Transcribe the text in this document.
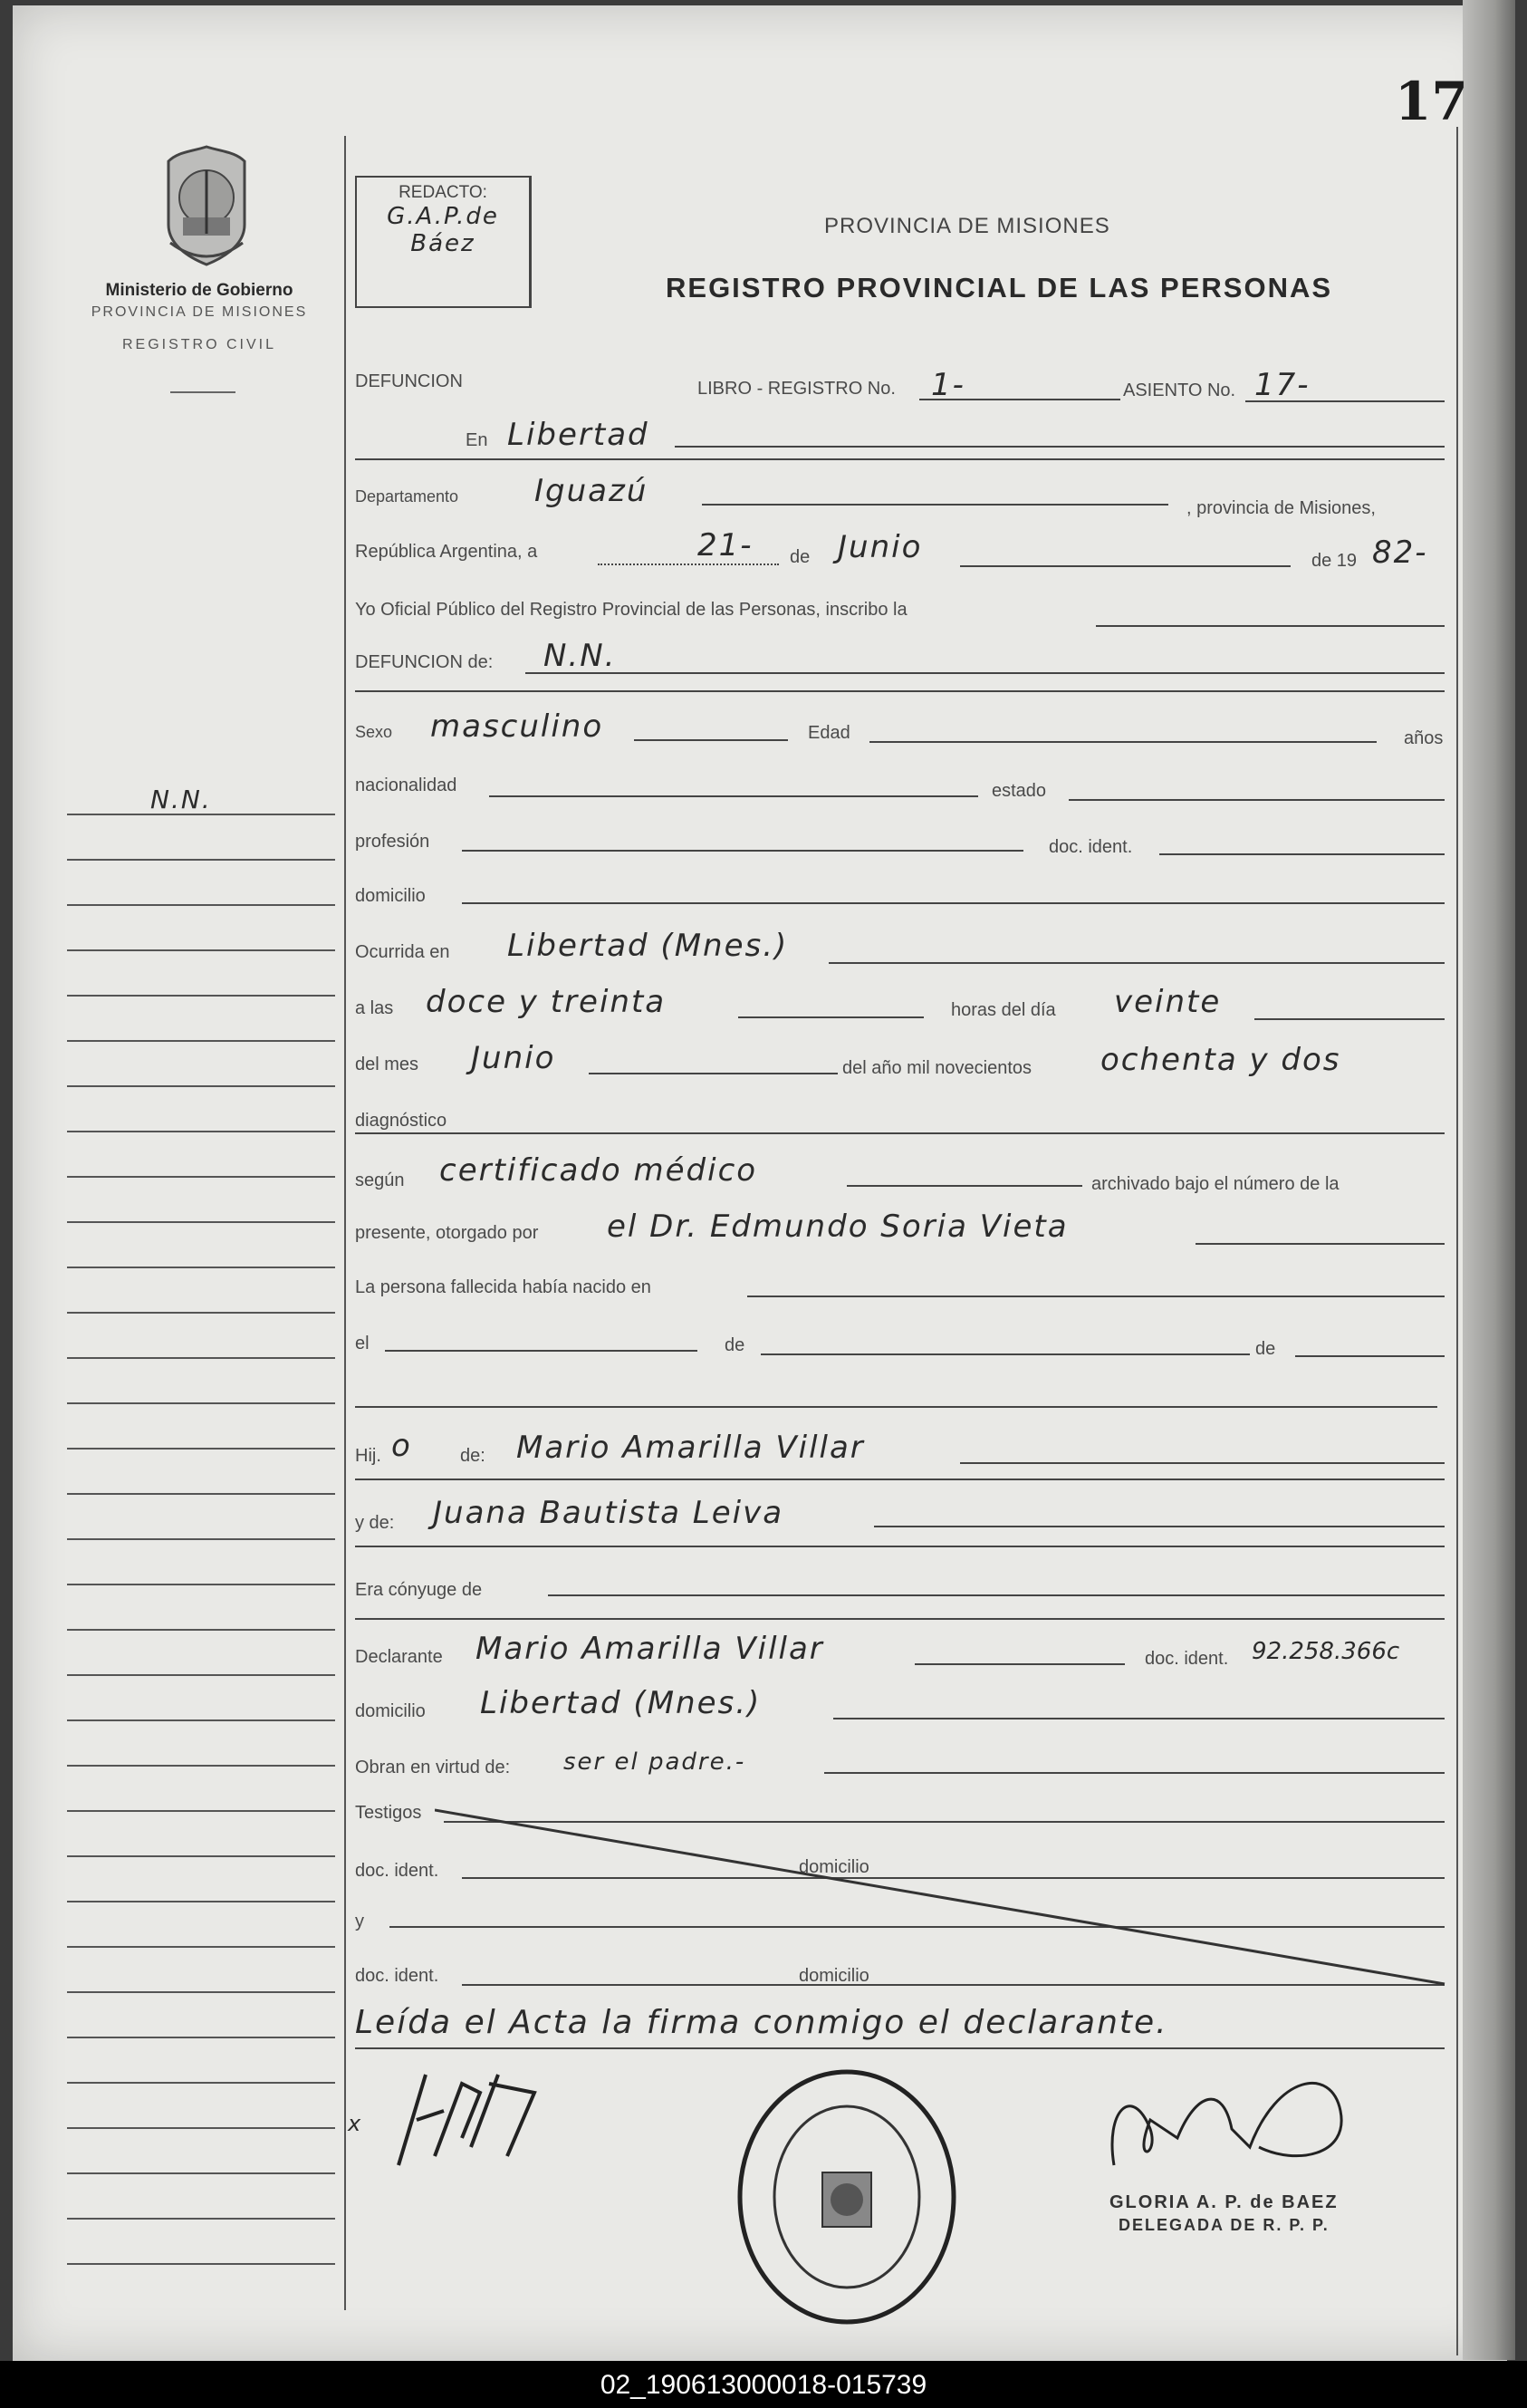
17
Ministerio de Gobierno
PROVINCIA DE MISIONES
REGISTRO CIVIL
REDACTO:
G.A.P.de
Báez
PROVINCIA DE MISIONES
REGISTRO PROVINCIAL DE LAS PERSONAS
DEFUNCION	LIBRO - REGISTRO No. 1-	ASIENTO No. 17-
En Libertad
Departamento Iguazú	, provincia de Misiones,
República Argentina, a	21- de Junio	de 19 82-
Yo Oficial Público del Registro Provincial de las Personas, inscribo la
DEFUNCION de: N.N.
Sexo masculino	Edad	años
nacionalidad	estado
profesión	doc. ident.
domicilio
Ocurrida en Libertad (Mnes.)
a las doce y treinta	horas del día veinte
del mes Junio	del año mil novecientos ochenta y dos
diagnóstico
según certificado médico	archivado bajo el número de la
presente, otorgado por el Dr. Edmundo Soria Vieta
La persona fallecida había nacido en
el	de	de
Hij. o	de: Mario Amarilla Villar
y de: Juana Bautista Leiva
Era cónyuge de
Declarante Mario Amarilla Villar	doc. ident. 92.258.366c
domicilio Libertad (Mnes.)
Obran en virtud de: ser el padre.-
Testigos
doc. ident.	domicilio
y
doc. ident.	domicilio
Leída el Acta la firma conmigo el declarante.
x
GLORIA A. P. de BAEZ
DELEGADA DE R. P. P.
N.N.
02_190613000018-015739
